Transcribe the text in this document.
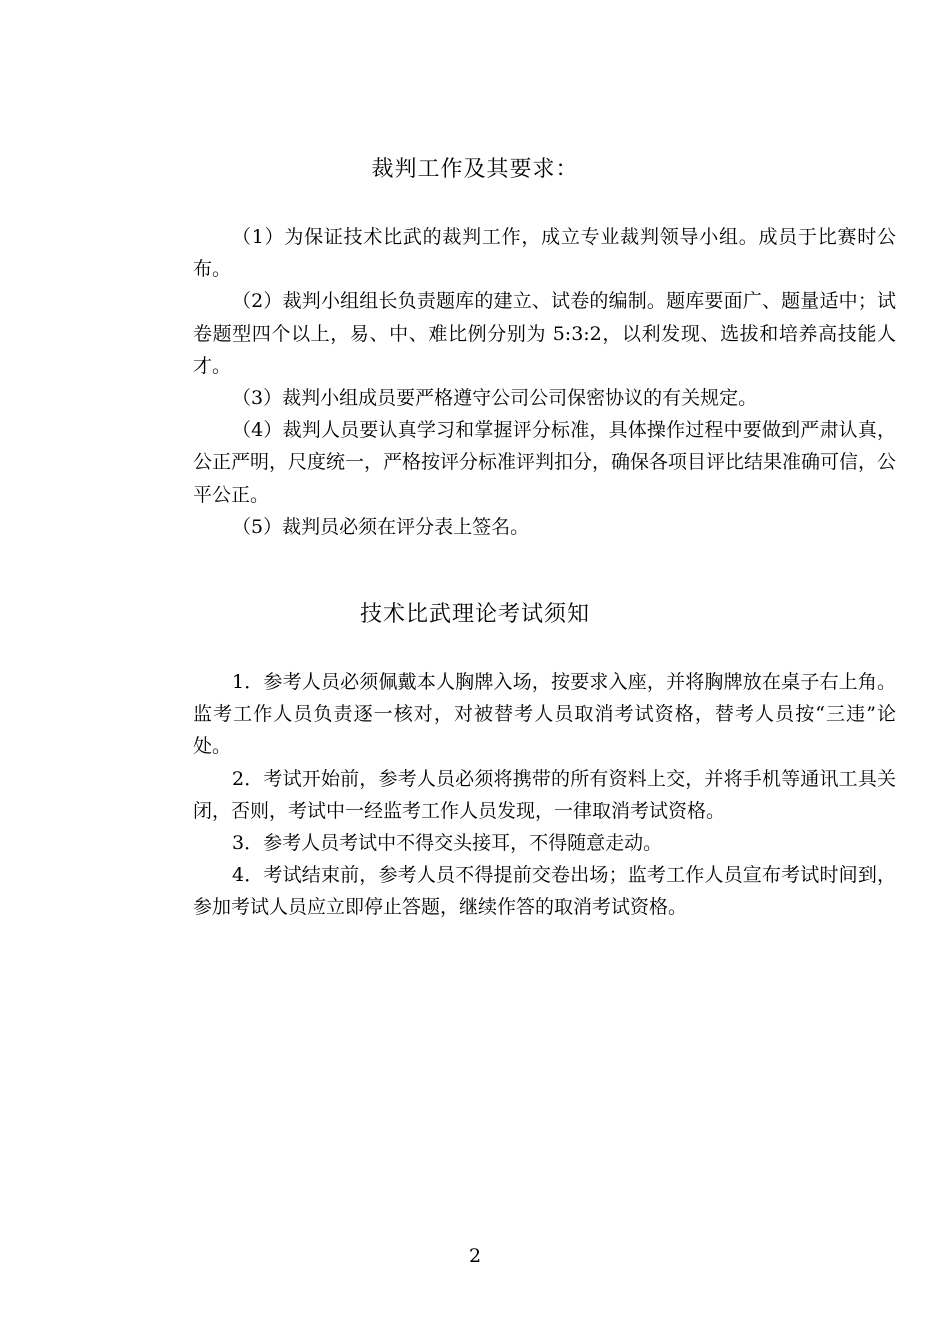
裁判工作及其要求：

（1）为保证技术比武的裁判工作，成立专业裁判领导小组。成员于比赛时公布。

（2）裁判小组组长负责题库的建立、试卷的编制。题库要面广、题量适中；试卷题型四个以上，易、中、难比例分别为 5:3:2，以利发现、选拔和培养高技能人才。

（3）裁判小组成员要严格遵守公司公司保密协议的有关规定。

（4）裁判人员要认真学习和掌握评分标准，具体操作过程中要做到严肃认真，公正严明，尺度统一，严格按评分标准评判扣分，确保各项目评比结果准确可信，公平公正。

（5）裁判员必须在评分表上签名。

技术比武理论考试须知

1．参考人员必须佩戴本人胸牌入场，按要求入座，并将胸牌放在桌子右上角。监考工作人员负责逐一核对，对被替考人员取消考试资格，替考人员按“三违”论处。

2．考试开始前，参考人员必须将携带的所有资料上交，并将手机等通讯工具关闭，否则，考试中一经监考工作人员发现，一律取消考试资格。

3．参考人员考试中不得交头接耳，不得随意走动。

4．考试结束前，参考人员不得提前交卷出场；监考工作人员宣布考试时间到，参加考试人员应立即停止答题，继续作答的取消考试资格。

2
